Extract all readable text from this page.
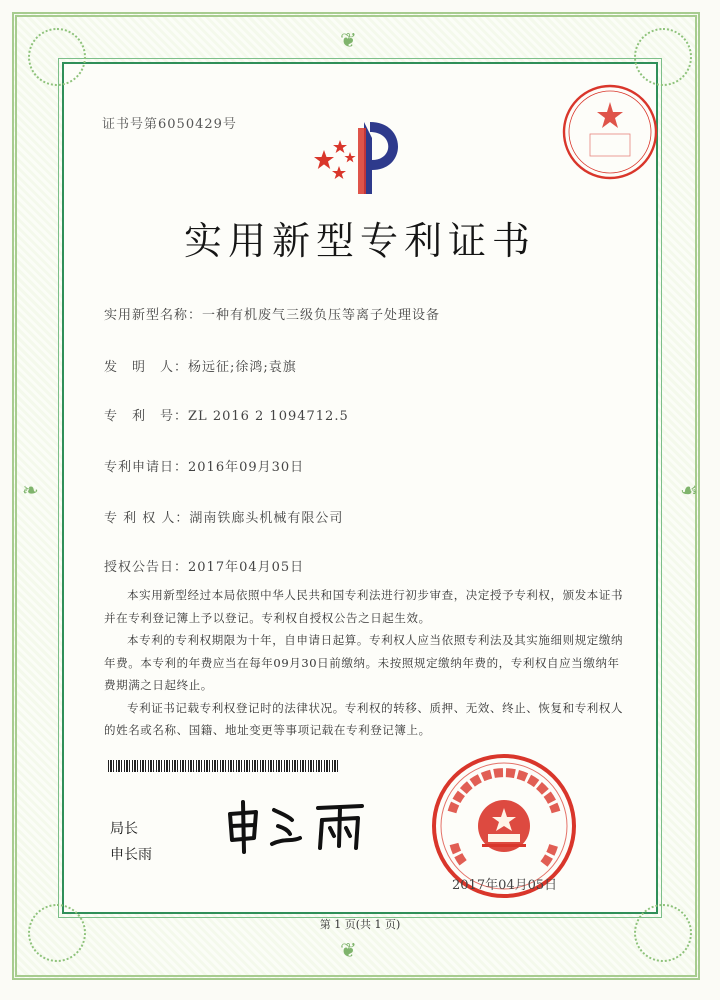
❦
❦
❧	☙
证书号第6050429号
实用新型专利证书
实用新型名称：一种有机废气三级负压等离子处理设备
发　明　人：杨远征;徐鸿;袁旗
专　利　号：ZL 2016 2 1094712.5
专利申请日：2016年09月30日
专 利 权 人：湖南铁廊头机械有限公司
授权公告日：2017年04月05日

本实用新型经过本局依照中华人民共和国专利法进行初步审查，决定授予专利权，颁发本证书并在专利登记簿上予以登记。专利权自授权公告之日起生效。

本专利的专利权期限为十年，自申请日起算。专利权人应当依照专利法及其实施细则规定缴纳年费。本专利的年费应当在每年09月30日前缴纳。未按照规定缴纳年费的，专利权自应当缴纳年费期满之日起终止。

专利证书记载专利权登记时的法律状况。专利权的转移、质押、无效、终止、恢复和专利权人的姓名或名称、国籍、地址变更等事项记载在专利登记簿上。

局长
申长雨
2017年04月05日
第 1 页(共 1 页)
